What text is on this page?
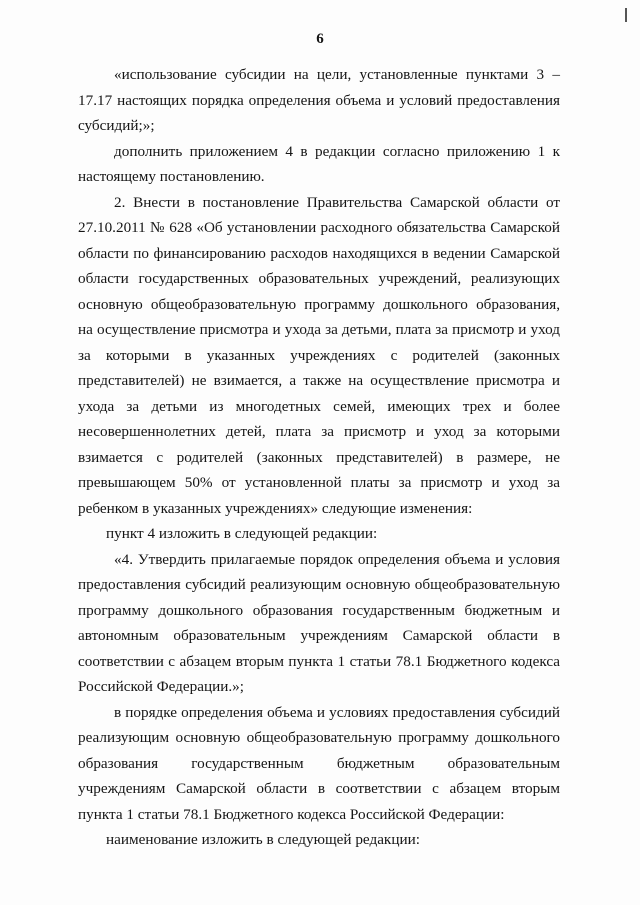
6

«использование субсидии на цели, установленные пунктами 3 – 17.17 настоящих порядка определения объема и условий предоставления субсидий;»;

дополнить приложением 4 в редакции согласно приложению 1 к настоящему постановлению.

2. Внести в постановление Правительства Самарской области от 27.10.2011 № 628 «Об установлении расходного обязательства Самарской области по финансированию расходов находящихся в ведении Самарской области государственных образовательных учреждений, реализующих основную общеобразовательную программу дошкольного образования, на осуществление присмотра и ухода за детьми, плата за присмотр и уход за которыми в указанных учреждениях с родителей (законных представителей) не взимается, а также на осуществление присмотра и ухода за детьми из многодетных семей, имеющих трех и более несовершеннолетних детей, плата за присмотр и уход за которыми взимается с родителей (законных представителей) в размере, не превышающем 50% от установленной платы за присмотр и уход за ребенком в указанных учреждениях» следующие изменения:

пункт 4 изложить в следующей редакции:

«4. Утвердить прилагаемые порядок определения объема и условия предоставления субсидий реализующим основную общеобразовательную программу дошкольного образования государственным бюджетным и автономным образовательным учреждениям Самарской области в соответствии с абзацем вторым пункта 1 статьи 78.1 Бюджетного кодекса Российской Федерации.»;

в порядке определения объема и условиях предоставления субсидий реализующим основную общеобразовательную программу дошкольного образования государственным бюджетным образовательным учреждениям Самарской области в соответствии с абзацем вторым пункта 1 статьи 78.1 Бюджетного кодекса Российской Федерации:

наименование изложить в следующей редакции:
